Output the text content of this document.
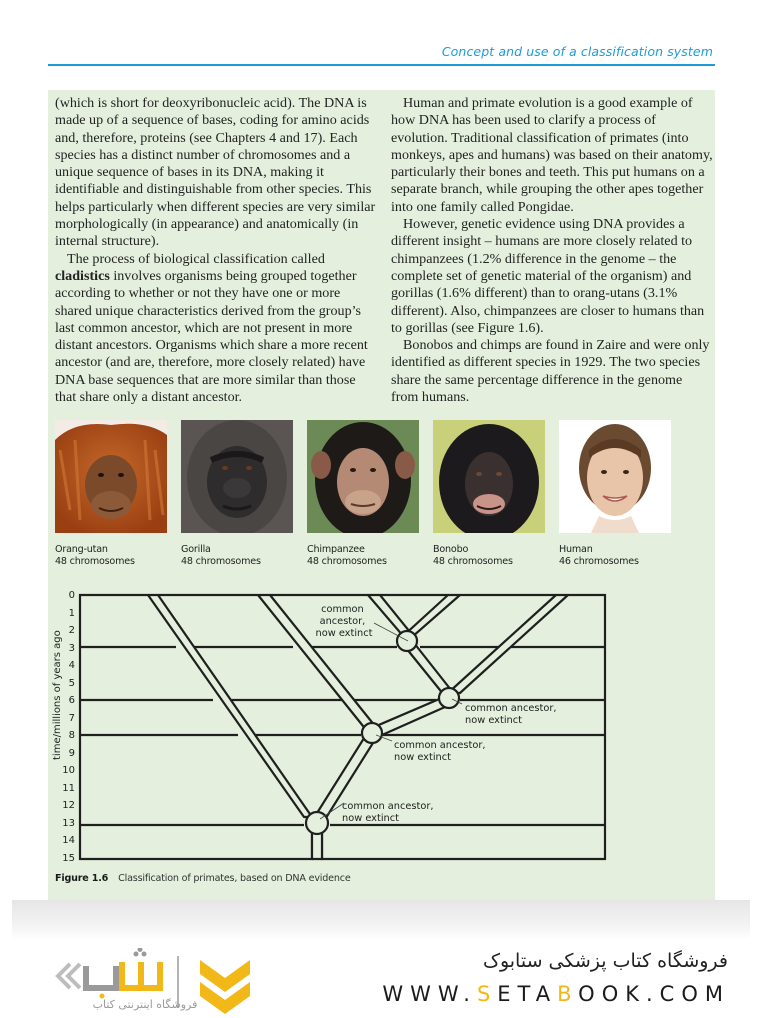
Concept and use of a classification system

(which is short for deoxyribonucleic acid). The DNA is made up of a sequence of bases, coding for amino acids and, therefore, proteins (see Chapters 4 and 17). Each species has a distinct number of chromosomes and a unique sequence of bases in its DNA, making it identifiable and distinguishable from other species. This helps particularly when different species are very similar morphologically (in appearance) and anatomically (in internal structure).

The process of biological classification called cladistics involves organisms being grouped together according to whether or not they have one or more shared unique characteristics derived from the group’s last common ancestor, which are not present in more distant ancestors. Organisms which share a more recent ancestor (and are, therefore, more closely related) have DNA base sequences that are more similar than those that share only a distant ancestor.

Human and primate evolution is a good example of how DNA has been used to clarify a process of evolution. Traditional classification of primates (into monkeys, apes and humans) was based on their anatomy, particularly their bones and teeth. This put humans on a separate branch, while grouping the other apes together into one family called Pongidae.

However, genetic evidence using DNA provides a different insight – humans are more closely related to chimpanzees (1.2% difference in the genome – the complete set of genetic material of the organism) and gorillas (1.6% different) than to orang-utans (3.1% different). Also, chimpanzees are closer to humans than to gorillas (see Figure 1.6).

Bonobos and chimps are found in Zaire and were only identified as different species in 1929. The two species share the same percentage difference in the genome from humans.

Orang-utan
48 chromosomes
Gorilla
48 chromosomes
Chimpanzee
48 chromosomes
Bonobo
48 chromosomes
Human
46 chromosomes
0
1
2
3
4
5
6
7
8
9
10
11
12
13
14
15
time/millions of years ago
common ancestor, now extinct
common ancestor, now extinct
common ancestor, now extinct
common ancestor, now extinct
Figure 1.6 Classification of primates, based on DNA evidence
فروشگاه اینترنتی کتاب
فروشگاه کتاب پزشکی ستابوک
WWW.SETABOOK.COM
